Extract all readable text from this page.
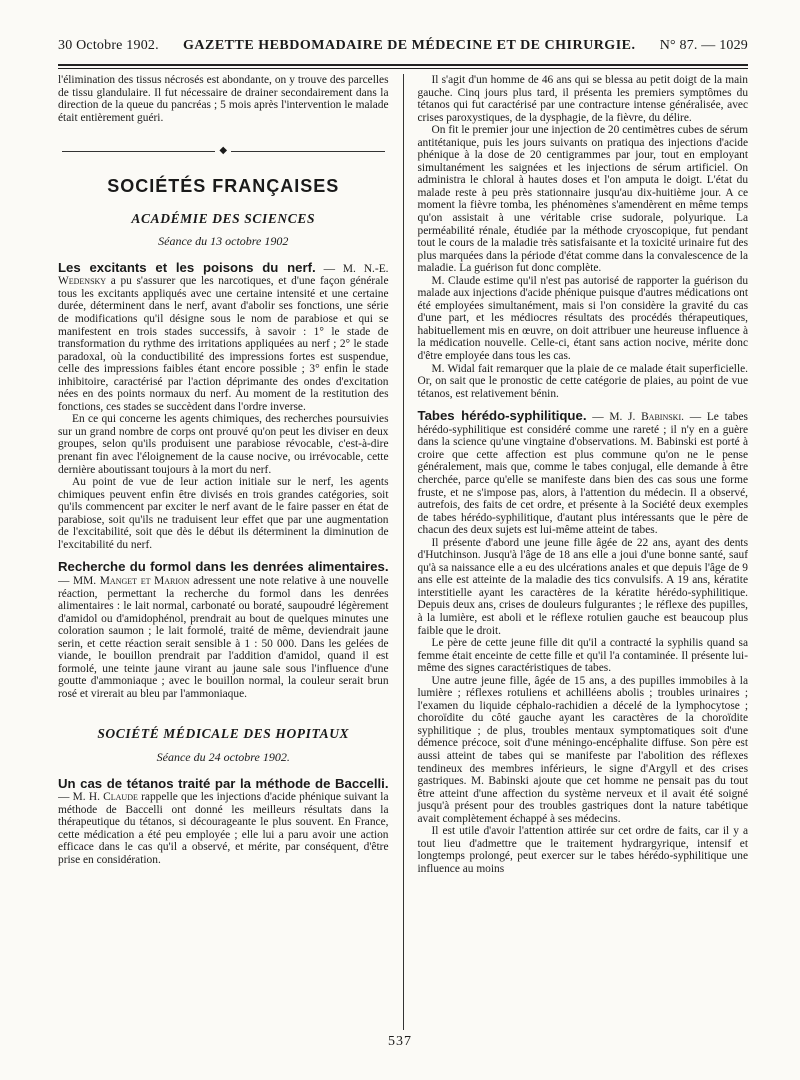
30 Octobre 1902. GAZETTE HEBDOMADAIRE DE MÉDECINE ET DE CHIRURGIE. N° 87. — 1029

l'élimination des tissus nécrosés est abondante, on y trouve des parcelles de tissu glandulaire. Il fut nécessaire de drainer secondairement dans la direction de la queue du pancréas ; 5 mois après l'intervention le malade était entièrement guéri.

◆
SOCIÉTÉS FRANÇAISES
ACADÉMIE DES SCIENCES
Séance du 13 octobre 1902

Les excitants et les poisons du nerf. — M. N.-E. Wedensky a pu s'assurer que les narcotiques, et d'une façon générale tous les excitants appliqués avec une certaine intensité et une certaine durée, déterminent dans le nerf, avant d'abolir ses fonctions, une série de modifications qu'il désigne sous le nom de parabiose et qui se manifestent en trois stades successifs, à savoir : 1° le stade de transformation du rythme des irritations appliquées au nerf ; 2° le stade paradoxal, où la conductibilité des impressions fortes est suspendue, celle des impressions faibles étant encore possible ; 3° enfin le stade inhibitoire, caractérisé par l'action déprimante des ondes d'excitation nées en des points normaux du nerf. Au moment de la restitution des fonctions, ces stades se succèdent dans l'ordre inverse.

En ce qui concerne les agents chimiques, des recherches poursuivies sur un grand nombre de corps ont prouvé qu'on peut les diviser en deux groupes, selon qu'ils produisent une parabiose révocable, c'est-à-dire prenant fin avec l'éloignement de la cause nocive, ou irrévocable, cette dernière aboutissant toujours à la mort du nerf.

Au point de vue de leur action initiale sur le nerf, les agents chimiques peuvent enfin être divisés en trois grandes catégories, soit qu'ils commencent par exciter le nerf avant de le faire passer en état de parabiose, soit qu'ils ne traduisent leur effet que par une augmentation de l'excitabilité, soit que dès le début ils déterminent la diminution de l'excitabilité du nerf.

Recherche du formol dans les denrées alimentaires. — MM. Manget et Marion adressent une note relative à une nouvelle réaction, permettant la recherche du formol dans les denrées alimentaires : le lait normal, carbonaté ou boraté, saupoudré légèrement d'amidol ou d'amidophénol, prendrait au bout de quelques minutes une coloration saumon ; le lait formolé, traité de même, deviendrait jaune serin, et cette réaction serait sensible à 1 : 50 000. Dans les gelées de viande, le bouillon prendrait par l'addition d'amidol, quand il est formolé, une teinte jaune virant au jaune sale sous l'influence d'une goutte d'ammoniaque ; avec le bouillon normal, la couleur serait brun rosé et virerait au bleu par l'ammoniaque.

SOCIÉTÉ MÉDICALE DES HOPITAUX
Séance du 24 octobre 1902.

Un cas de tétanos traité par la méthode de Baccelli. — M. H. Claude rappelle que les injections d'acide phénique suivant la méthode de Baccelli ont donné les meilleurs résultats dans la thérapeutique du tétanos, si décourageante le plus souvent. En France, cette médication a été peu employée ; elle lui a paru avoir une action efficace dans le cas qu'il a observé, et mérite, par conséquent, d'être prise en considération.

Il s'agit d'un homme de 46 ans qui se blessa au petit doigt de la main gauche. Cinq jours plus tard, il présenta les premiers symptômes du tétanos qui fut caractérisé par une contracture intense généralisée, avec crises paroxystiques, de la dysphagie, de la fièvre, du délire.

On fit le premier jour une injection de 20 centimètres cubes de sérum antitétanique, puis les jours suivants on pratiqua des injections d'acide phénique à la dose de 20 centigrammes par jour, tout en employant simultanément les saignées et les injections de sérum artificiel. On administra le chloral à hautes doses et l'on amputa le doigt. L'état du malade reste à peu près stationnaire jusqu'au dix-huitième jour. A ce moment la fièvre tomba, les phénomènes s'amendèrent en même temps qu'on assistait à une véritable crise sudorale, polyurique. La perméabilité rénale, étudiée par la méthode cryoscopique, fut pendant tout le cours de la maladie très satisfaisante et la toxicité urinaire fut des plus marquées dans la période d'état comme dans la convalescence de la maladie. La guérison fut donc complète.

M. Claude estime qu'il n'est pas autorisé de rapporter la guérison du malade aux injections d'acide phénique puisque d'autres médications ont été employées simultanément, mais si l'on considère la gravité du cas d'une part, et les médiocres résultats des procédés thérapeutiques, habituellement mis en œuvre, on doit attribuer une heureuse influence à la médication nouvelle. Celle-ci, étant sans action nocive, mérite donc d'être employée dans tous les cas.

M. Widal fait remarquer que la plaie de ce malade était superficielle. Or, on sait que le pronostic de cette catégorie de plaies, au point de vue tétanos, est relativement bénin.

Tabes hérédo-syphilitique. — M. J. Babinski. — Le tabes hérédo-syphilitique est considéré comme une rareté ; il n'y en a guère dans la science qu'une vingtaine d'observations. M. Babinski est porté à croire que cette affection est plus commune qu'on ne le pense généralement, mais que, comme le tabes conjugal, elle demande à être cherchée, parce qu'elle se manifeste dans bien des cas sous une forme fruste, et ne s'impose pas, alors, à l'attention du médecin. Il a observé, autrefois, des faits de cet ordre, et présente à la Société deux exemples de tabes hérédo-syphilitique, d'autant plus intéressants que le père de chacun des deux sujets est lui-même atteint de tabes.

Il présente d'abord une jeune fille âgée de 22 ans, ayant des dents d'Hutchinson. Jusqu'à l'âge de 18 ans elle a joui d'une bonne santé, sauf qu'à sa naissance elle a eu des ulcérations anales et que depuis l'âge de 9 ans elle est atteinte de la maladie des tics convulsifs. A 19 ans, kératite interstitielle ayant les caractères de la kératite hérédo-syphilitique. Depuis deux ans, crises de douleurs fulgurantes ; le réflexe des pupilles, à la lumière, est aboli et le réflexe rotulien gauche est beaucoup plus faible que le droit.

Le père de cette jeune fille dit qu'il a contracté la syphilis quand sa femme était enceinte de cette fille et qu'il l'a contaminée. Il présente lui-même des signes caractéristiques de tabes.

Une autre jeune fille, âgée de 15 ans, a des pupilles immobiles à la lumière ; réflexes rotuliens et achilléens abolis ; troubles urinaires ; l'examen du liquide céphalo-rachidien a décelé de la lymphocytose ; choroïdite du côté gauche ayant les caractères de la choroïdite syphilitique ; de plus, troubles mentaux symptomatiques soit d'une démence précoce, soit d'une méningo-encéphalite diffuse. Son père est aussi atteint de tabes qui se manifeste par l'abolition des réflexes tendineux des membres inférieurs, le signe d'Argyll et des crises gastriques. M. Babinski ajoute que cet homme ne pensait pas du tout être atteint d'une affection du système nerveux et il avait été soigné jusqu'à présent pour des troubles gastriques dont la nature tabétique avait complètement échappé à ses médecins.

Il est utile d'avoir l'attention attirée sur cet ordre de faits, car il y a tout lieu d'admettre que le traitement hydrargyrique, intensif et longtemps prolongé, peut exercer sur le tabes hérédo-syphilitique une influence au moins

537
